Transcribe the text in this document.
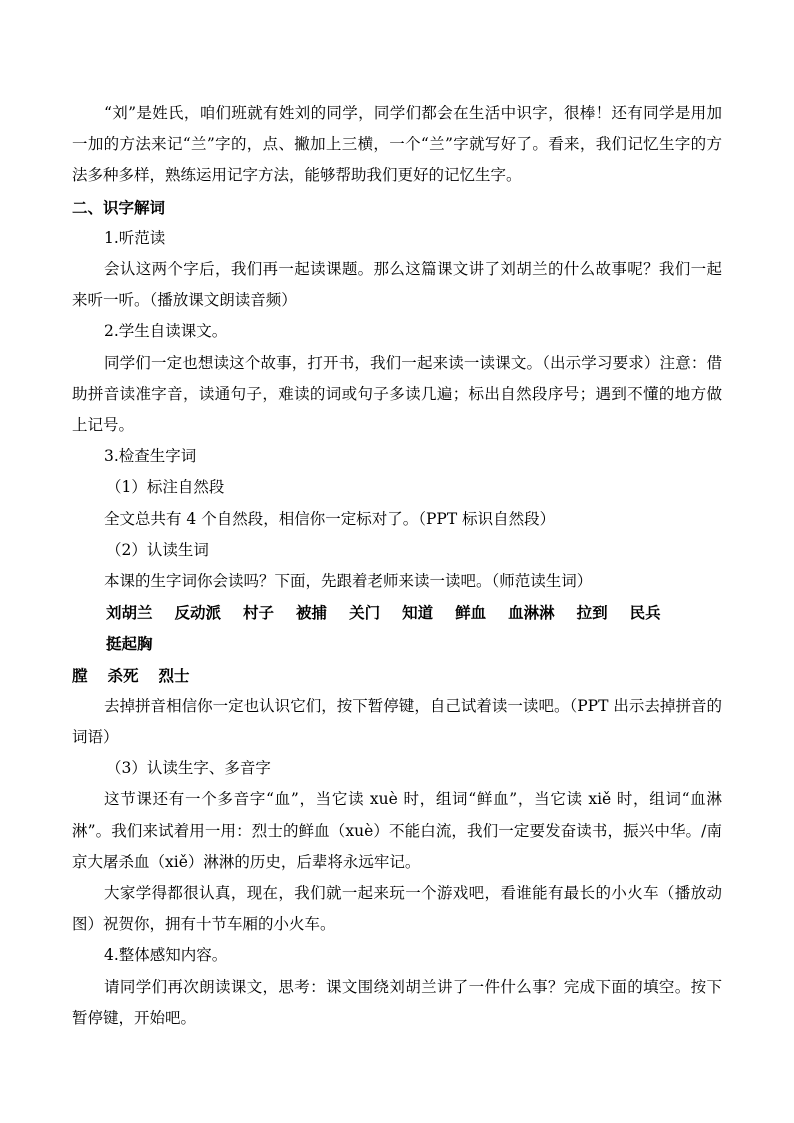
“刘”是姓氏，咱们班就有姓刘的同学，同学们都会在生活中识字，很棒！还有同学是用加一加的方法来记“兰”字的，点、撇加上三横，一个“兰”字就写好了。看来，我们记忆生字的方法多种多样，熟练运用记字方法，能够帮助我们更好的记忆生字。

二、识字解词

1.听范读

会认这两个字后，我们再一起读课题。那么这篇课文讲了刘胡兰的什么故事呢？我们一起来听一听。（播放课文朗读音频）

2.学生自读课文。

同学们一定也想读这个故事，打开书，我们一起来读一读课文。（出示学习要求）注意：借助拼音读准字音，读通句子，难读的词或句子多读几遍；标出自然段序号；遇到不懂的地方做上记号。

3.检查生字词

（1）标注自然段

全文总共有 4 个自然段，相信你一定标对了。（PPT 标识自然段）

（2）认读生词

本课的生字词你会读吗？下面，先跟着老师来读一读吧。（师范读生词）

刘胡兰 反动派 村子 被捕 关门 知道 鲜血 血淋淋 拉到 民兵挺起胸

膛 杀死 烈士

去掉拼音相信你一定也认识它们，按下暂停键，自己试着读一读吧。（PPT 出示去掉拼音的词语）

（3）认读生字、多音字

这节课还有一个多音字“血”，当它读 xuè 时，组词“鲜血”，当它读 xiě 时，组词“血淋淋”。我们来试着用一用：烈士的鲜血（xuè）不能白流，我们一定要发奋读书，振兴中华。/南京大屠杀血（xiě）淋淋的历史，后辈将永远牢记。

大家学得都很认真，现在，我们就一起来玩一个游戏吧，看谁能有最长的小火车（播放动图）祝贺你，拥有十节车厢的小火车。

4.整体感知内容。

请同学们再次朗读课文，思考：课文围绕刘胡兰讲了一件什么事？完成下面的填空。按下暂停键，开始吧。
